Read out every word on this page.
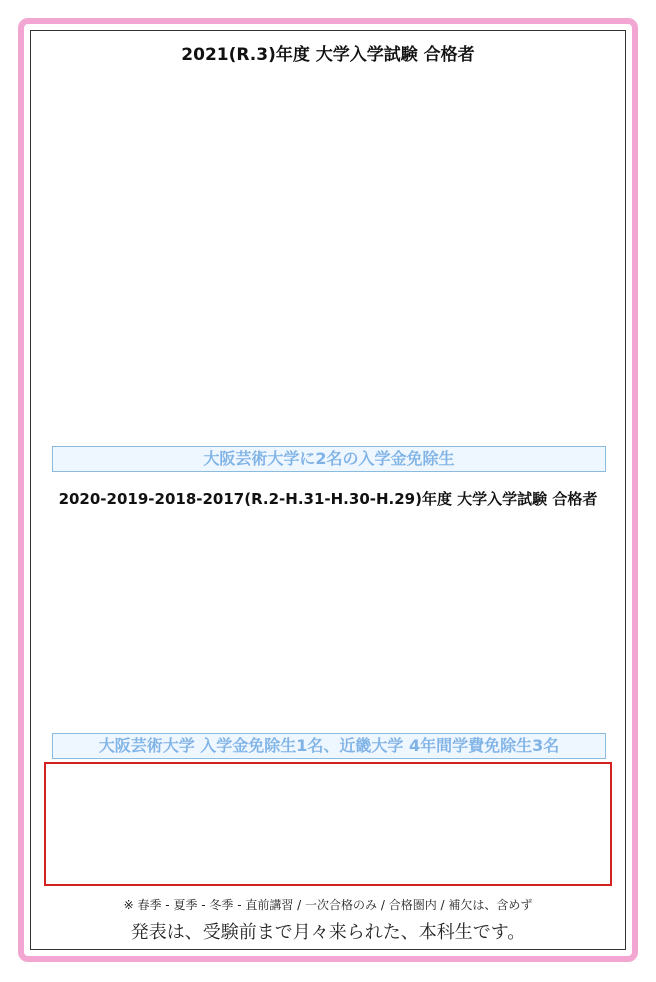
2021(R.3)年度 大学入学試験 合格者
大阪芸術大学に2名の入学金免除生
2020-2019-2018-2017(R.2-H.31-H.30-H.29)年度 大学入学試験 合格者
大阪芸術大学 入学金免除生1名、近畿大学 4年間学費免除生3名
※ 春季 - 夏季 - 冬季 - 直前講習 / 一次合格のみ / 合格圏内 / 補欠は、含めず
発表は、受験前まで月々来られた、本科生です。
